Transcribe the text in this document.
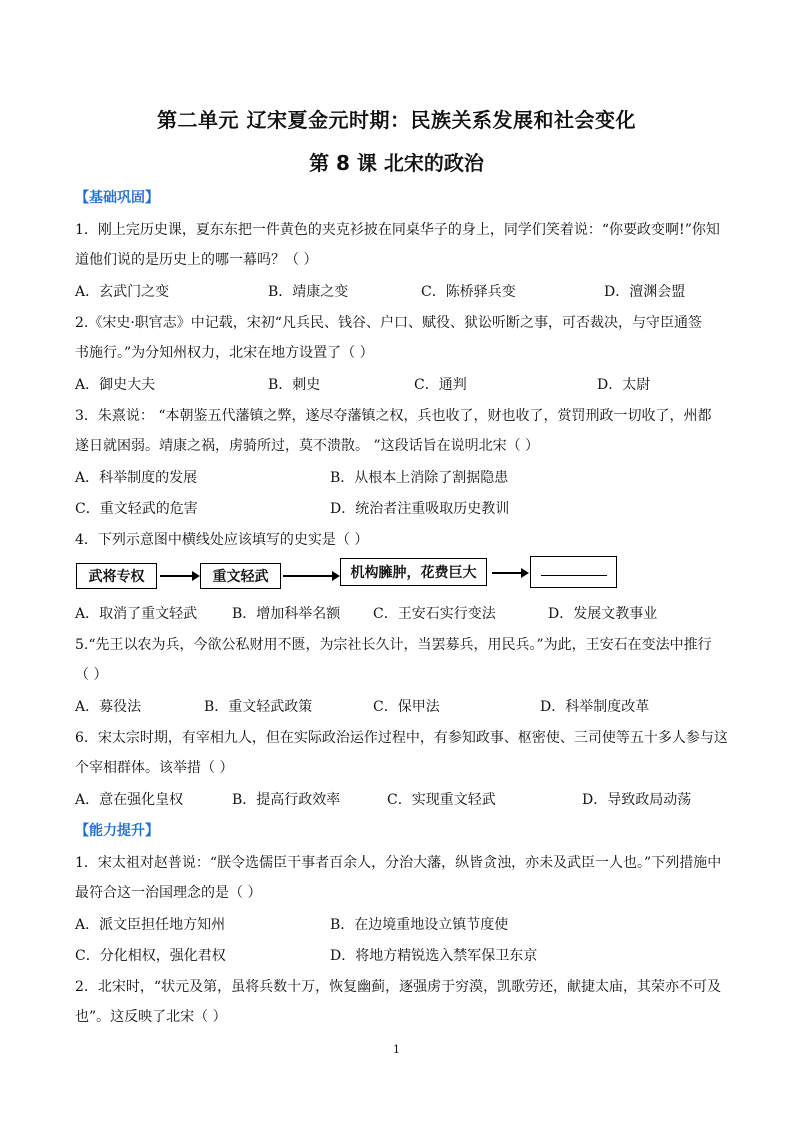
第二单元 辽宋夏金元时期：民族关系发展和社会变化
第 8 课 北宋的政治
【基础巩固】
1．刚上完历史课，夏东东把一件黄色的夹克衫披在同桌华子的身上，同学们笑着说：“你要政变啊!”你知
道他们说的是历史上的哪一幕吗？（ ）
A．玄武门之变	B．靖康之变	C．陈桥驿兵变	D．澶渊会盟
2.《宋史·职官志》中记载，宋初“凡兵民、钱谷、户口、赋役、狱讼听断之事，可否裁决，与守臣通签
书施行。”为分知州权力，北宋在地方设置了（ ）
A．御史大夫	B．刺史	C．通判	D．太尉
3．朱熹说： “本朝鉴五代藩镇之弊，遂尽夺藩镇之权，兵也收了，财也收了，赏罚刑政一切收了，州都
遂日就困弱。靖康之祸，虏骑所过，莫不溃散。 ”这段话旨在说明北宋（ ）
A．科举制度的发展	B．从根本上消除了割据隐患
C．重文轻武的危害	D．统治者注重吸取历史教训
4．下列示意图中横线处应该填写的史实是（ ）
武将专权	重文轻武	机构臃肿，花费巨大
A．取消了重文轻武 B．增加科举名额 C．王安石实行变法	D．发展文教事业
5.“先王以农为兵，今欲公私财用不匮，为宗社长久计，当罢募兵，用民兵。”为此，王安石在变法中推行
（ ）
A．募役法	B．重文轻武政策	C．保甲法	D．科举制度改革
6．宋太宗时期，有宰相九人，但在实际政治运作过程中，有参知政事、枢密使、三司使等五十多人参与这
个宰相群体。该举措（ ）
A．意在强化皇权	B．提高行政效率	C．实现重文轻武	D．导致政局动荡
【能力提升】
1．宋太祖对赵普说：“朕令选儒臣干事者百余人，分治大藩，纵皆贪浊，亦未及武臣一人也。”下列措施中
最符合这一治国理念的是（ ）
A．派文臣担任地方知州	B．在边境重地设立镇节度使
C．分化相权，强化君权	D．将地方精锐选入禁军保卫东京
2．北宋时，“状元及第，虽将兵数十万，恢复幽蓟，逐强虏于穷漠，凯歌劳还，献捷太庙，其荣亦不可及
也”。这反映了北宋（ ）
1
